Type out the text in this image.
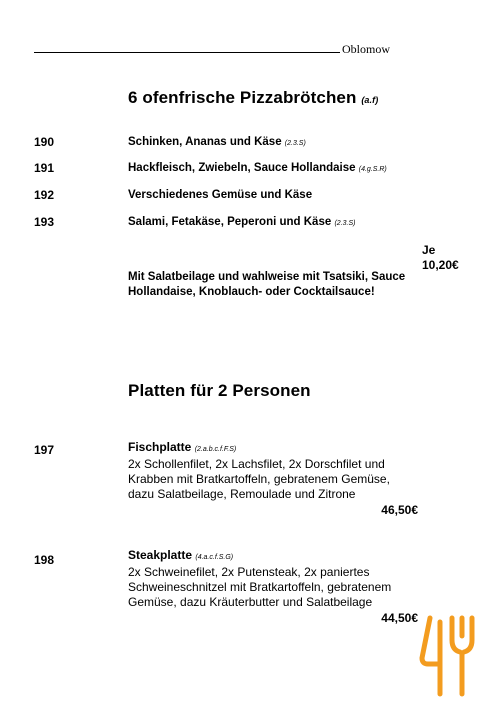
Oblomow
6 ofenfrische Pizzabrötchen (a.f)
190	Schinken, Ananas und Käse (2.3.S)
191	Hackfleisch, Zwiebeln, Sauce Hollandaise (4.g.S.R)
192	Verschiedenes Gemüse und Käse
193	Salami, Fetakäse, Peperoni und Käse (2.3.S)
Je
10,20€
Mit Salatbeilage und wahlweise mit Tsatsiki, Sauce Hollandaise, Knoblauch- oder Cocktailsauce!
Platten für 2 Personen
197	Fischplatte (2.a.b.c.f.F.S)
2x Schollenfilet, 2x Lachsfilet, 2x Dorschfilet und Krabben mit Bratkartoffeln, gebratenem Gemüse, dazu Salatbeilage, Remoulade und Zitrone
46,50€
198	Steakplatte (4.a.c.f.S.G)
2x Schweinefilet, 2x Putensteak, 2x paniertes Schweineschnitzel mit Bratkartoffeln, gebratenem Gemüse, dazu Kräuterbutter und Salatbeilage
44,50€
